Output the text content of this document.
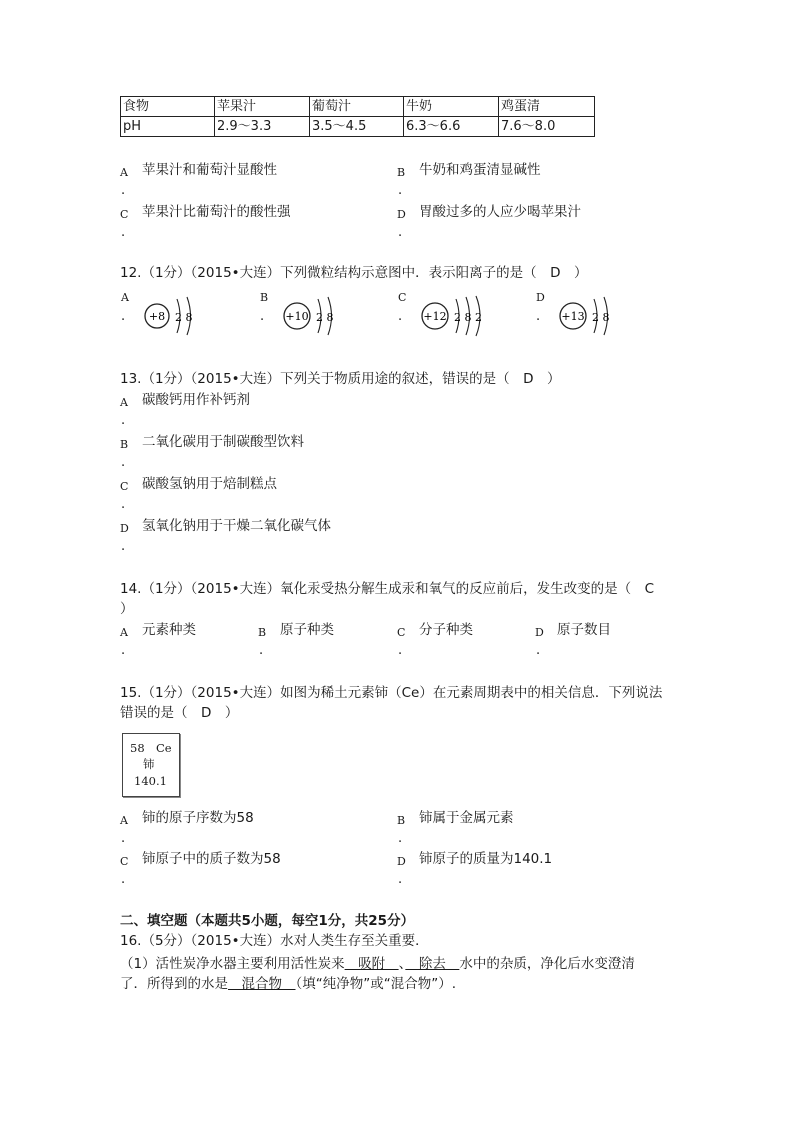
食物	苹果汁	葡萄汁	牛奶	鸡蛋清
pH	2.9～3.3	3.5～4.5	6.3～6.6	7.6～8.0
A 苹果汁和葡萄汁显酸性
.
B 牛奶和鸡蛋清显碱性
.
C 苹果汁比葡萄汁的酸性强
.
D 胃酸过多的人应少喝苹果汁
.
12.（1分）（2015•大连）下列微粒结构示意图中．表示阳离子的是（　D　）
A
. +8 2 8
B
. +10 2 8
C
. +12 2 8 2
D
. +13 2 8
13.（1分）（2015•大连）下列关于物质用途的叙述，错误的是（　D　）
A 碳酸钙用作补钙剂
.
B 二氧化碳用于制碳酸型饮料
.
C 碳酸氢钠用于焙制糕点
.
D 氢氧化钠用于干燥二氧化碳气体
.
14.（1分）（2015•大连）氧化汞受热分解生成汞和氧气的反应前后，发生改变的是（　C
）
A 元素种类
.
B 原子种类
.
C 分子种类
.
D 原子数目
.
15.（1分）（2015•大连）如图为稀土元素铈（Ce）在元素周期表中的相关信息．下列说法
错误的是（　D　）
58 Ce
铈
140.1
A 铈的原子序数为58
.
B 铈属于金属元素
.
C 铈原子中的质子数为58
.
D 铈原子的质量为140.1
.
二、填空题（本题共5小题，每空1分，共25分）
16.（5分）（2015•大连）水对人类生存至关重要．
（1）活性炭净水器主要利用活性炭来　吸附　、　除去　水中的杂质，净化后水变澄清
了．所得到的水是　混合物　（填“纯净物”或“混合物”）.
